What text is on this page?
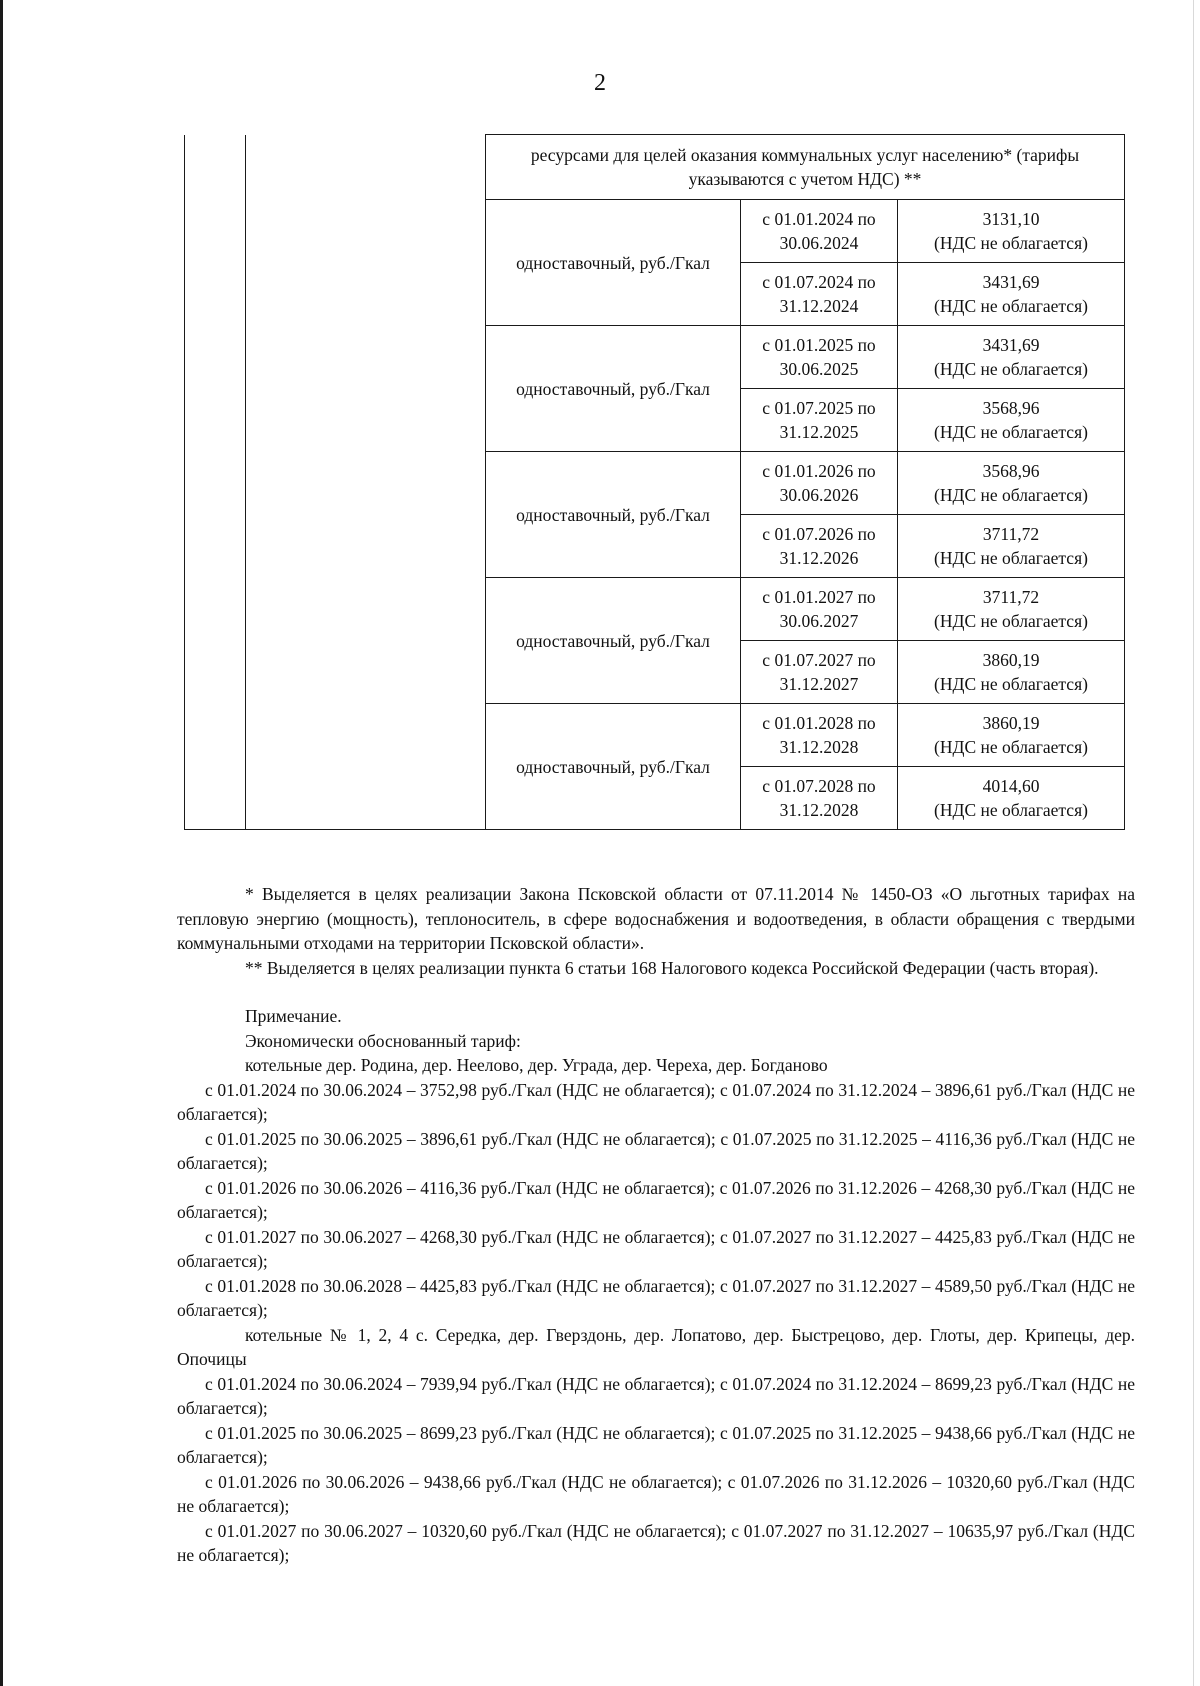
2
		ресурсами для целей оказания коммунальных услуг населению* (тарифы указываются с учетом НДС) **		
		одноставочный, руб./Гкал	с 01.01.2024 по 30.06.2024	3131,10
(НДС не облагается)

			с 01.07.2024 по 31.12.2024	3431,69
(НДС не облагается)

		одноставочный, руб./Гкал	с 01.01.2025 по 30.06.2025	3431,69
(НДС не облагается)

			с 01.07.2025 по 31.12.2025	3568,96
(НДС не облагается)

		одноставочный, руб./Гкал	с 01.01.2026 по 30.06.2026	3568,96
(НДС не облагается)

			с 01.07.2026 по 31.12.2026	3711,72
(НДС не облагается)

		одноставочный, руб./Гкал	с 01.01.2027 по 30.06.2027	3711,72
(НДС не облагается)

			с 01.07.2027 по 31.12.2027	3860,19
(НДС не облагается)

		одноставочный, руб./Гкал	с 01.01.2028 по 31.12.2028	3860,19
(НДС не облагается)

			с 01.07.2028 по 31.12.2028	4014,60
(НДС не облагается)

* Выделяется в целях реализации Закона Псковской области от 07.11.2014 № 1450-ОЗ «О льготных тарифах на тепловую энергию (мощность), теплоноситель, в сфере водоснабжения и водоотведения, в области обращения с твердыми коммунальными отходами на территории Псковской области».

** Выделяется в целях реализации пункта 6 статьи 168 Налогового кодекса Российской Федерации (часть вторая).

Примечание.

Экономически обоснованный тариф:

котельные дер. Родина, дер. Неелово, дер. Уграда, дер. Череха, дер. Богданово

с 01.01.2024 по 30.06.2024 – 3752,98 руб./Гкал (НДС не облагается); с 01.07.2024 по 31.12.2024 – 3896,61 руб./Гкал (НДС не облагается);

с 01.01.2025 по 30.06.2025 – 3896,61 руб./Гкал (НДС не облагается); с 01.07.2025 по 31.12.2025 – 4116,36 руб./Гкал (НДС не облагается);

с 01.01.2026 по 30.06.2026 – 4116,36 руб./Гкал (НДС не облагается); с 01.07.2026 по 31.12.2026 – 4268,30 руб./Гкал (НДС не облагается);

с 01.01.2027 по 30.06.2027 – 4268,30 руб./Гкал (НДС не облагается); с 01.07.2027 по 31.12.2027 – 4425,83 руб./Гкал (НДС не облагается);

с 01.01.2028 по 30.06.2028 – 4425,83 руб./Гкал (НДС не облагается); с 01.07.2027 по 31.12.2027 – 4589,50 руб./Гкал (НДС не облагается);

котельные № 1, 2, 4 с. Середка, дер. Гверздонь, дер. Лопатово, дер. Быстрецово, дер. Глоты, дер. Крипецы, дер. Опочицы

с 01.01.2024 по 30.06.2024 – 7939,94 руб./Гкал (НДС не облагается); с 01.07.2024 по 31.12.2024 – 8699,23 руб./Гкал (НДС не облагается);

с 01.01.2025 по 30.06.2025 – 8699,23 руб./Гкал (НДС не облагается); с 01.07.2025 по 31.12.2025 – 9438,66 руб./Гкал (НДС не облагается);

с 01.01.2026 по 30.06.2026 – 9438,66 руб./Гкал (НДС не облагается); с 01.07.2026 по 31.12.2026 – 10320,60 руб./Гкал (НДС не облагается);

с 01.01.2027 по 30.06.2027 – 10320,60 руб./Гкал (НДС не облагается); с 01.07.2027 по 31.12.2027 – 10635,97 руб./Гкал (НДС не облагается);
